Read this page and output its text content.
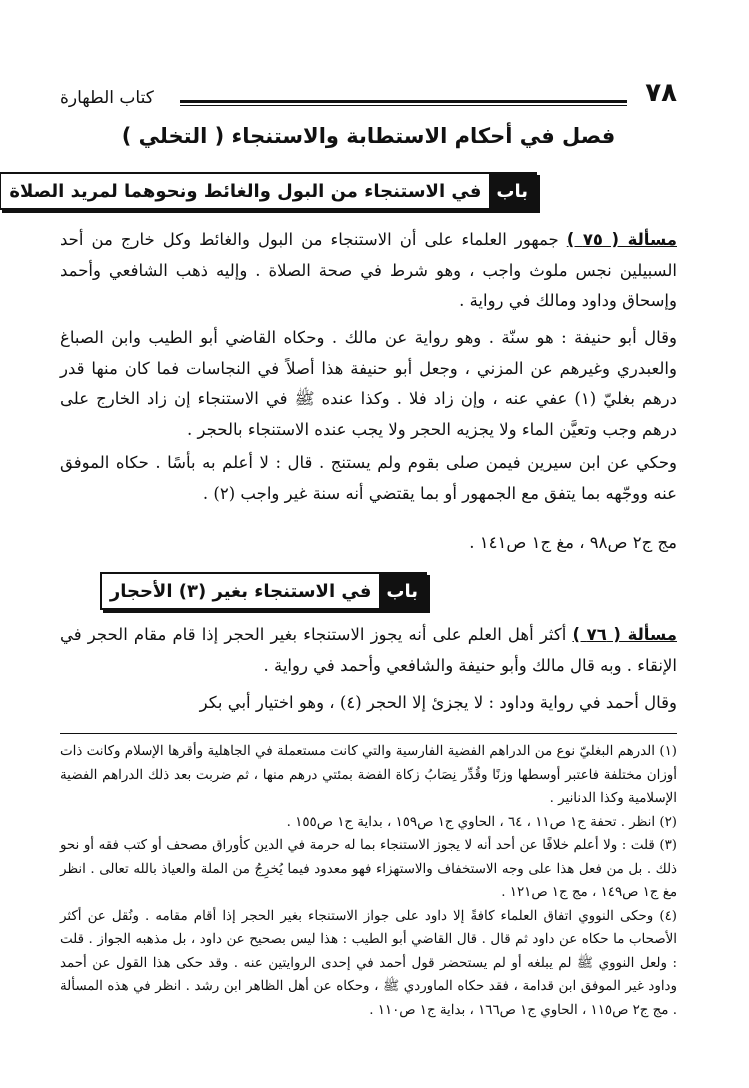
٧٨
كتاب الطهارة
فصل في أحكام الاستطابة والاستنجاء ( التخلي )
باب
في الاستنجاء من البول والغائط ونحوهما لمريد الصلاة
مسألة ( ٧٥ ) جمهور العلماء على أن الاستنجاء من البول والغائط وكل خارج من أحد السبيلين نجس ملوث واجب ، وهو شرط في صحة الصلاة . وإليه ذهب الشافعي وأحمد وإسحاق وداود ومالك في رواية .
وقال أبو حنيفة : هو سنّة . وهو رواية عن مالك . وحكاه القاضي أبو الطيب وابن الصباغ والعبدري وغيرهم عن المزني ، وجعل أبو حنيفة هذا أصلاً في النجاسات فما كان منها قدر درهم بغليّ (١) عفي عنه ، وإن زاد فلا . وكذا عنده ﷺ في الاستنجاء إن زاد الخارج على درهم وجب وتعيَّن الماء ولا يجزيه الحجر ولا يجب عنده الاستنجاء بالحجر .
وحكي عن ابن سيرين فيمن صلى بقوم ولم يستنج . قال : لا أعلم به بأسًا . حكاه الموفق عنه ووجّهه بما يتفق مع الجمهور أو بما يقتضي أنه سنة غير واجب (٢) .
مج ج٢ ص٩٨ ، مغ ج١ ص١٤١ .
باب
في الاستنجاء بغير (٣) الأحجار
مسألة ( ٧٦ ) أكثر أهل العلم على أنه يجوز الاستنجاء بغير الحجر إذا قام مقام الحجر في الإنقاء . وبه قال مالك وأبو حنيفة والشافعي وأحمد في رواية .
وقال أحمد في رواية وداود : لا يجزئ إلا الحجر (٤) ، وهو اختيار أبي بكر

(١) الدرهم البغليّ نوع من الدراهم الفضية الفارسية والتي كانت مستعملة في الجاهلية وأقرها الإسلام وكانت ذات أوزان مختلفة فاعتبر أوسطها وزنًا وقُدِّر نِصَابُ زكاة الفضة بمئتي درهم منها ، ثم ضربت بعد ذلك الدراهم الفضية الإسلامية وكذا الدنانير .

(٢) انظر . تحفة ج١ ص١١ ، ٦٤ ، الحاوي ج١ ص١٥٩ ، بداية ج١ ص١٥٥ .

(٣) قلت : ولا أعلم خلافًا عن أحد أنه لا يجوز الاستنجاء بما له حرمة في الدين كأوراق مصحف أو كتب فقه أو نحو ذلك . بل من فعل هذا على وجه الاستخفاف والاستهزاء فهو معدود فيما يُخرِجُ من الملة والعياذ بالله تعالى . انظر مغ ج١ ص١٤٩ ، مج ج١ ص١٢١ .

(٤) وحكى النووي اتفاق العلماء كافةً إلا داود على جواز الاستنجاء بغير الحجر إذا أقام مقامه . ونُقل عن أكثر الأصحاب ما حكاه عن داود ثم قال . قال القاضي أبو الطيب : هذا ليس بصحيح عن داود ، بل مذهبه الجواز . قلت : ولعل النووي ﷺ لم يبلغه أو لم يستحضر قول أحمد في إحدى الروايتين عنه . وقد حكى هذا القول عن أحمد وداود غير الموفق ابن قدامة ، فقد حكاه الماوردي ﷺ ، وحكاه عن أهل الظاهر ابن رشد . انظر في هذه المسألة . مج ج٢ ص١١٥ ، الحاوي ج١ ص١٦٦ ، بداية ج١ ص١١٠ .
